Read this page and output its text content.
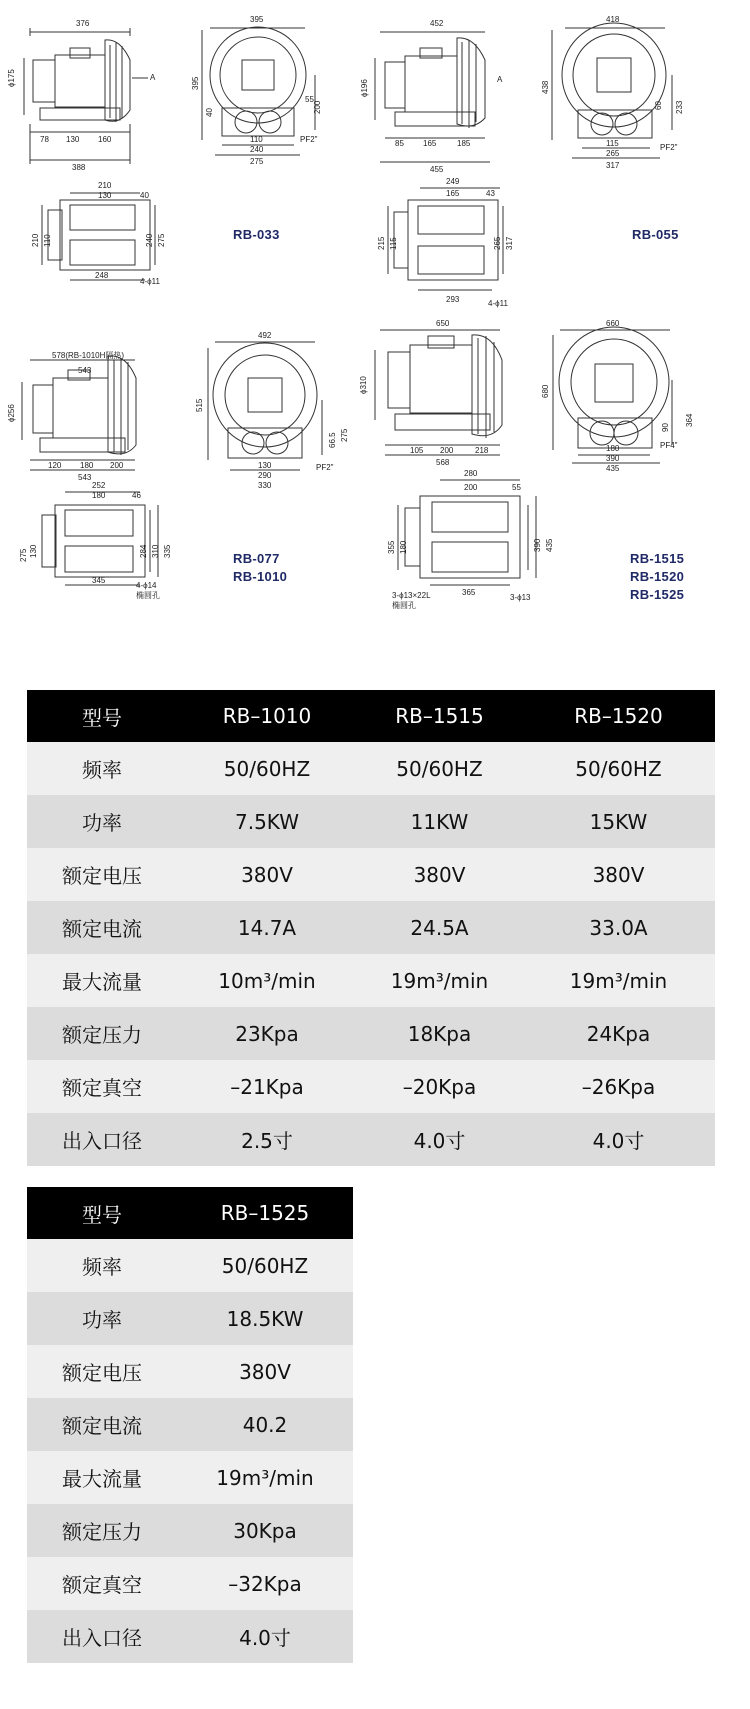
376
ϕ175	A
78 130 160
388
395
395
200
55
40
110
240
275
PF2"
210
130	40
210 110	240 275
248
4-ϕ11
452
ϕ196	A
85 165	185
455
418
438
233
60
115
265
317
PF2"
249
165	43
215 115	265 317
293	4-ϕ11
578(RB-1010H隔热)
543
ϕ256
120 180 200
543
492
515
275
66.5
130
290
330
PF2"
252
180	46
275 130	284 310 335
345
4-ϕ14
椭圆孔
650
ϕ310
105 200	218
568
660
680
364
90
180
390
435
PF4"
280
200	55
355 180	390 435
365
3-ϕ13×22L
椭圆孔
3-ϕ13
RB-033	RB-055
RB-077
RB-1010
RB-1515
RB-1520
RB-1525
型号	RB–1010	RB–1515	RB–1520
频率	50/60HZ	50/60HZ	50/60HZ
功率	7.5KW	11KW	15KW
额定电压	380V	380V	380V
额定电流	14.7A	24.5A	33.0A
最大流量	10m³/min	19m³/min	19m³/min
额定压力	23Kpa	18Kpa	24Kpa
额定真空	–21Kpa	–20Kpa	–26Kpa
出入口径	2.5寸	4.0寸	4.0寸
型号	RB–1525
频率	50/60HZ
功率	18.5KW
额定电压	380V
额定电流	40.2
最大流量	19m³/min
额定压力	30Kpa
额定真空	–32Kpa
出入口径	4.0寸
